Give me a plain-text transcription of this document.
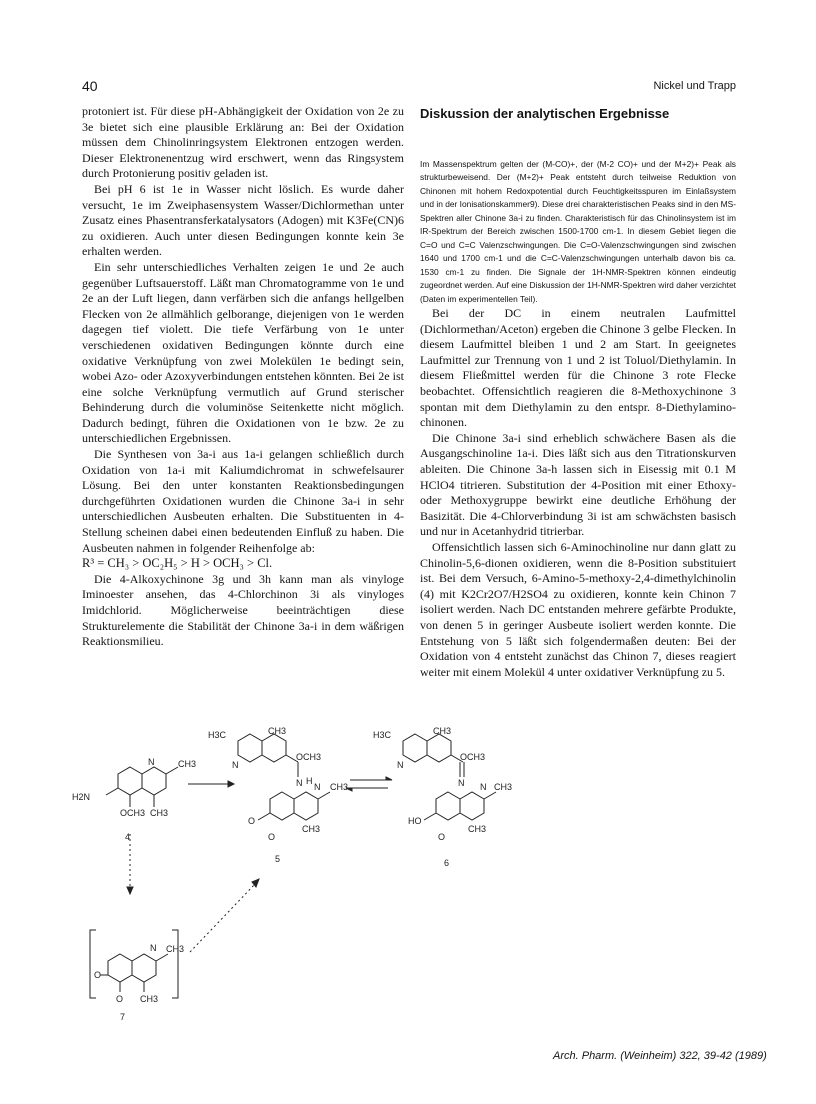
40	Nickel und Trapp

protoniert ist. Für diese pH-Abhängigkeit der Oxidation von 2e zu 3e bietet sich eine plausible Erklärung an: Bei der Oxidation müssen dem Chinolinringsystem Elektronen entzogen werden. Dieser Elektronenentzug wird erschwert, wenn das Ringsystem durch Protonierung positiv geladen ist.

Bei pH 6 ist 1e in Wasser nicht löslich. Es wurde daher versucht, 1e im Zweiphasensystem Wasser/Dichlormethan unter Zusatz eines Phasentransferkatalysators (Adogen) mit K3Fe(CN)6 zu oxidieren. Auch unter diesen Bedingungen konnte kein 3e erhalten werden.

Ein sehr unterschiedliches Verhalten zeigen 1e und 2e auch gegenüber Luftsauerstoff. Läßt man Chromatogramme von 1e und 2e an der Luft liegen, dann verfärben sich die anfangs hellgelben Flecken von 2e allmählich gelborange, diejenigen von 1e werden dagegen tief violett. Die tiefe Verfärbung von 1e unter verschiedenen oxidativen Bedingungen könnte durch eine oxidative Verknüpfung von zwei Molekülen 1e bedingt sein, wobei Azo- oder Azoxyverbindungen entstehen könnten. Bei 2e ist eine solche Verknüpfung vermutlich auf Grund sterischer Behinderung durch die voluminöse Seitenkette nicht möglich. Dadurch bedingt, führen die Oxidationen von 1e bzw. 2e zu unterschiedlichen Ergebnissen.

Die Synthesen von 3a-i aus 1a-i gelangen schließlich durch Oxidation von 1a-i mit Kaliumdichromat in schwefelsaurer Lösung. Bei den unter konstanten Reaktionsbedingungen durchgeführten Oxidationen wurden die Chinone 3a-i in sehr unterschiedlichen Ausbeuten erhalten. Die Substituenten in 4- Stellung scheinen dabei einen bedeutenden Einfluß zu haben. Die Ausbeuten nahmen in folgender Reihenfolge ab:

R³ = CH₃ > OC₂H₅ > H > OCH₃ > Cl.

Die 4-Alkoxychinone 3g und 3h kann man als vinyloge Iminoester ansehen, das 4-Chlorchinon 3i als vinyloges Imidchlorid. Möglicherweise beeinträchtigen diese Strukturelemente die Stabilität der Chinone 3a-i in dem wäßrigen Reaktionsmilieu.

Diskussion der analytischen Ergebnisse

Im Massenspektrum gelten der (M-CO)+, der (M-2 CO)+ und der M+2)+ Peak als strukturbeweisend. Der (M+2)+ Peak entsteht durch teilweise Reduktion von Chinonen mit hohem Redoxpotential durch Feuchtigkeitsspuren im Einlaßsystem und in der Ionisationskammer9). Diese drei charakteristischen Peaks sind in den MS-Spektren aller Chinone 3a-i zu finden. Charakteristisch für das Chinolinsystem ist im IR-Spektrum der Bereich zwischen 1500-1700 cm-1. In diesem Gebiet liegen die C=O und C=C Valenzschwingungen. Die C=O-Valenzschwingungen sind zwischen 1640 und 1700 cm-1 und die C=C-Valenzschwingungen unterhalb davon bis ca. 1530 cm-1 zu finden. Die Signale der 1H-NMR-Spektren können eindeutig zugeordnet werden. Auf eine Diskussion der 1H-NMR-Spektren wird daher verzichtet (Daten im experimentellen Teil).

Bei der DC in einem neutralen Laufmittel (Dichlormethan/Aceton) ergeben die Chinone 3 gelbe Flecken. In diesem Laufmittel bleiben 1 und 2 am Start. In geeignetes Laufmittel zur Trennung von 1 und 2 ist Toluol/Diethylamin. In diesem Fließmittel werden für die Chinone 3 rote Flecke beobachtet. Offensichtlich reagieren die 8-Methoxychinone 3 spontan mit dem Diethylamin zu den entspr. 8-Diethylamino-chinonen.

Die Chinone 3a-i sind erheblich schwächere Basen als die Ausgangschinoline 1a-i. Dies läßt sich aus den Titrationskurven ableiten. Die Chinone 3a-h lassen sich in Eisessig mit 0.1 M HClO4 titrieren. Substitution der 4-Position mit einer Ethoxy- oder Methoxygruppe bewirkt eine deutliche Erhöhung der Basizität. Die 4-Chlorverbindung 3i ist am schwächsten basisch und nur in Acetanhydrid titrierbar.

Offensichtlich lassen sich 6-Aminochinoline nur dann glatt zu Chinolin-5,6-dionen oxidieren, wenn die 8-Position substituiert ist. Bei dem Versuch, 6-Amino-5-methoxy-2,4-dimethylchinolin (4) mit K2Cr2O7/H2SO4 zu oxidieren, konnte kein Chinon 7 isoliert werden. Nach DC entstanden mehrere gefärbte Produkte, von denen 5 in geringer Ausbeute isoliert werden konnte. Die Entstehung von 5 läßt sich folgendermaßen deuten: Bei der Oxidation von 4 entsteht zunächst das Chinon 7, dieses reagiert weiter mit einem Molekül 4 unter oxidativer Verknüpfung zu 5.

H2N
N	CH3
OCH3 CH3
4
H3C	CH3
OCH3
N
N H
N CH3
O
O
CH3
5
H3C	CH3
OCH3
N
N N CH3
HO
O
CH3
6
N CH3
O
O CH3
7
Arch. Pharm. (Weinheim) 322, 39-42 (1989)
